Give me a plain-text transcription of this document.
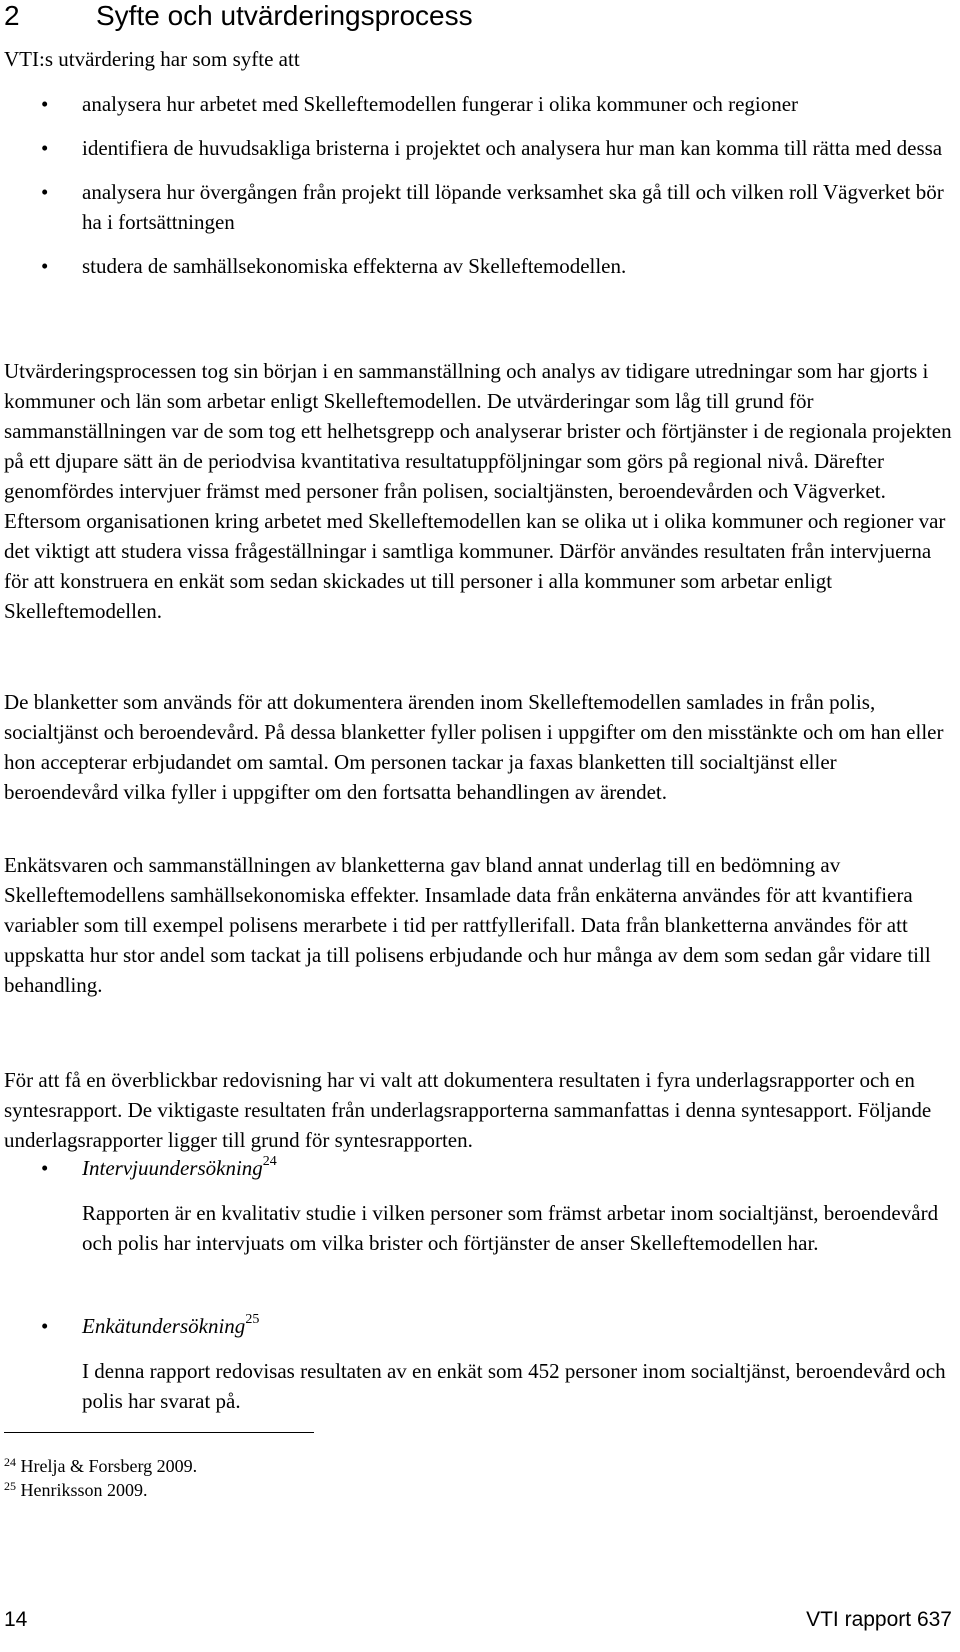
2	Syfte och utvärderingsprocess
VTI:s utvärdering har som syfte att
• analysera hur arbetet med Skelleftemodellen fungerar i olika kommuner och regioner
• identifiera de huvudsakliga bristerna i projektet och analysera hur man kan komma till rätta med dessa
• analysera hur övergången från projekt till löpande verksamhet ska gå till och vilken roll Vägverket bör ha i fortsättningen
• studera de samhällsekonomiska effekterna av Skelleftemodellen.

Utvärderingsprocessen tog sin början i en sammanställning och analys av tidigare utredningar som har gjorts i kommuner och län som arbetar enligt Skelleftemodellen. De utvärderingar som låg till grund för sammanställningen var de som tog ett helhetsgrepp och analyserar brister och förtjänster i de regionala projekten på ett djupare sätt än de periodvisa kvantitativa resultatuppföljningar som görs på regional nivå. Därefter genomfördes intervjuer främst med personer från polisen, socialtjänsten, beroendevården och Vägverket. Eftersom organisationen kring arbetet med Skelleftemodellen kan se olika ut i olika kommuner och regioner var det viktigt att studera vissa frågeställningar i samtliga kommuner. Därför användes resultaten från intervjuerna för att konstruera en enkät som sedan skickades ut till personer i alla kommuner som arbetar enligt Skelleftemodellen.

De blanketter som används för att dokumentera ärenden inom Skelleftemodellen samlades in från polis, socialtjänst och beroendevård. På dessa blanketter fyller polisen i uppgifter om den misstänkte och om han eller hon accepterar erbjudandet om samtal. Om personen tackar ja faxas blanketten till socialtjänst eller beroendevård vilka fyller i uppgifter om den fortsatta behandlingen av ärendet.

Enkätsvaren och sammanställningen av blanketterna gav bland annat underlag till en bedömning av Skelleftemodellens samhällsekonomiska effekter. Insamlade data från enkäterna användes för att kvantifiera variabler som till exempel polisens merarbete i tid per rattfyllerifall. Data från blanketterna användes för att uppskatta hur stor andel som tackat ja till polisens erbjudande och hur många av dem som sedan går vidare till behandling.

För att få en överblickbar redovisning har vi valt att dokumentera resultaten i fyra underlagsrapporter och en syntesrapport. De viktigaste resultaten från underlagsrapporterna sammanfattas i denna syntesapport. Följande underlagsrapporter ligger till grund för syntesrapporten.

• Intervjuundersökning$^{24}$
Rapporten är en kvalitativ studie i vilken personer som främst arbetar inom socialtjänst, beroendevård och polis har intervjuats om vilka brister och förtjänster de anser Skelleftemodellen har.
• Enkätundersökning$^{25}$
I denna rapport redovisas resultaten av en enkät som 452 personer inom socialtjänst, beroendevård och polis har svarat på.
$^{24}$ Hrelja & Forsberg 2009.
$^{25}$ Henriksson 2009.
14	VTI rapport 637
